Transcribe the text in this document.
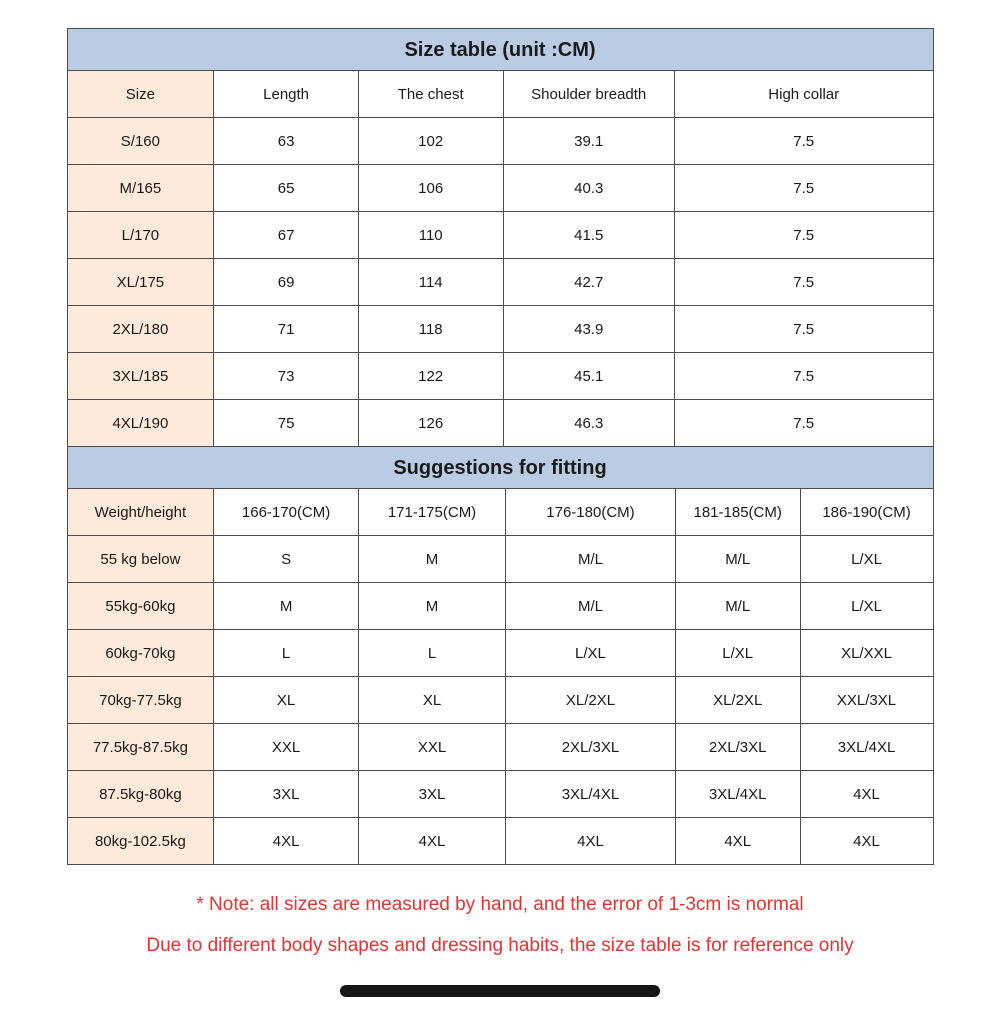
Size table (unit :CM)
Size	Length	The chest	Shoulder breadth	High collar
S/160	63	102	39.1	7.5
M/165	65	106	40.3	7.5
L/170	67	110	41.5	7.5
XL/175	69	114	42.7	7.5
2XL/180	71	118	43.9	7.5
3XL/185	73	122	45.1	7.5
4XL/190	75	126	46.3	7.5
Suggestions for fitting
Weight/height	166-170(CM)	171-175(CM)	176-180(CM)	181-185(CM)	186-190(CM)
55 kg below	S	M	M/L	M/L	L/XL
55kg-60kg	M	M	M/L	M/L	L/XL
60kg-70kg	L	L	L/XL	L/XL	XL/XXL
70kg-77.5kg	XL	XL	XL/2XL	XL/2XL	XXL/3XL
77.5kg-87.5kg	XXL	XXL	2XL/3XL	2XL/3XL	3XL/4XL
87.5kg-80kg	3XL	3XL	3XL/4XL	3XL/4XL	4XL
80kg-102.5kg	4XL	4XL	4XL	4XL	4XL

* Note: all sizes are measured by hand, and the error of 1-3cm is normal

Due to different body shapes and dressing habits, the size table is for reference only
